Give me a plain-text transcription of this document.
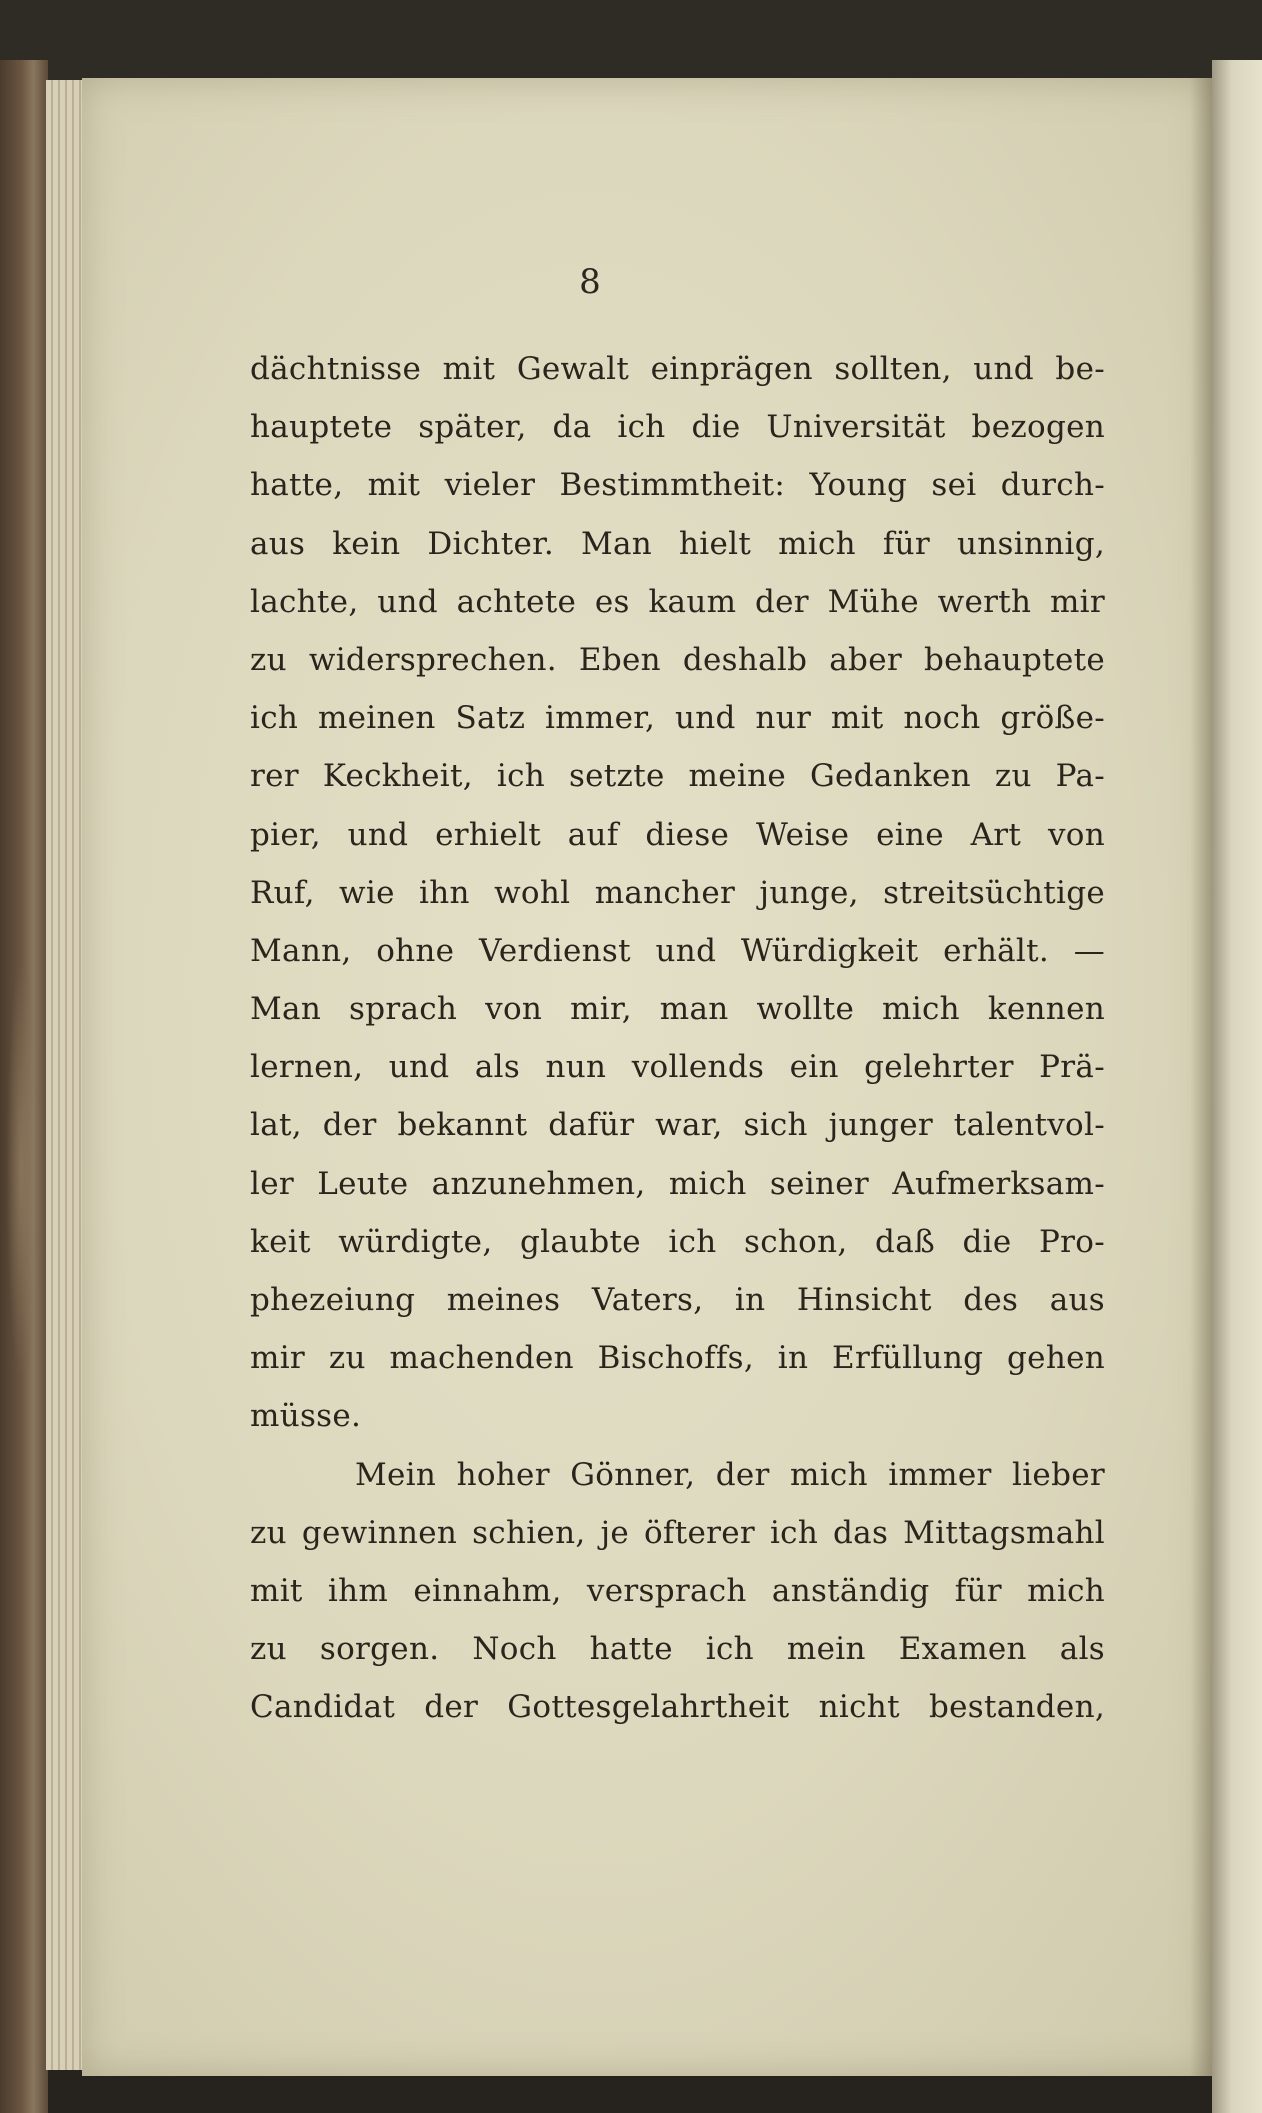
8
dächtnisse mit Gewalt einprägen sollten, und be-
hauptete später, da ich die Universität bezogen
hatte, mit vieler Bestimmtheit: Young sei durch-
aus kein Dichter. Man hielt mich für unsinnig,
lachte, und achtete es kaum der Mühe werth mir
zu widersprechen. Eben deshalb aber behauptete
ich meinen Satz immer, und nur mit noch größe-
rer Keckheit, ich setzte meine Gedanken zu Pa-
pier, und erhielt auf diese Weise eine Art von
Ruf, wie ihn wohl mancher junge, streitsüchtige
Mann, ohne Verdienst und Würdigkeit erhält. —
Man sprach von mir, man wollte mich kennen
lernen, und als nun vollends ein gelehrter Prä-
lat, der bekannt dafür war, sich junger talentvol-
ler Leute anzunehmen, mich seiner Aufmerksam-
keit würdigte, glaubte ich schon, daß die Pro-
phezeiung meines Vaters, in Hinsicht des aus
mir zu machenden Bischoffs, in Erfüllung gehen
müsse.
Mein hoher Gönner, der mich immer lieber
zu gewinnen schien, je öfterer ich das Mittagsmahl
mit ihm einnahm, versprach anständig für mich
zu sorgen. Noch hatte ich mein Examen als
Candidat der Gottesgelahrtheit nicht bestanden,
